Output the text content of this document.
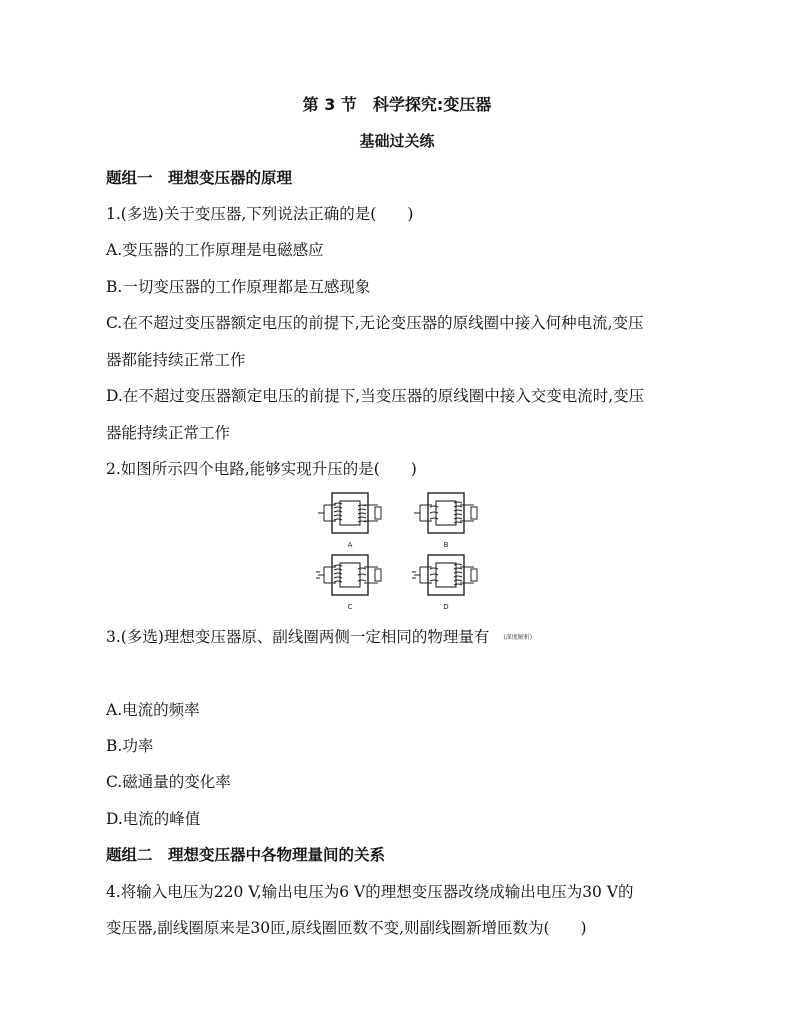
第 3 节　科学探究:变压器
基础过关练
题组一　理想变压器的原理
1.(多选)关于变压器,下列说法正确的是(　　)
A.变压器的工作原理是电磁感应
B.一切变压器的工作原理都是互感现象
C.在不超过变压器额定电压的前提下,无论变压器的原线圈中接入何种电流,变压
器都能持续正常工作
D.在不超过变压器额定电压的前提下,当变压器的原线圈中接入交变电流时,变压
器能持续正常工作
2.如图所示四个电路,能够实现升压的是(　　)
A	B
C	D
3.(多选)理想变压器原、副线圈两侧一定相同的物理量有 (深度解析)
A.电流的频率
B.功率
C.磁通量的变化率
D.电流的峰值
题组二　理想变压器中各物理量间的关系
4.将输入电压为220 V,输出电压为6 V的理想变压器改绕成输出电压为30 V的
变压器,副线圈原来是30匝,原线圈匝数不变,则副线圈新增匝数为(　　)
